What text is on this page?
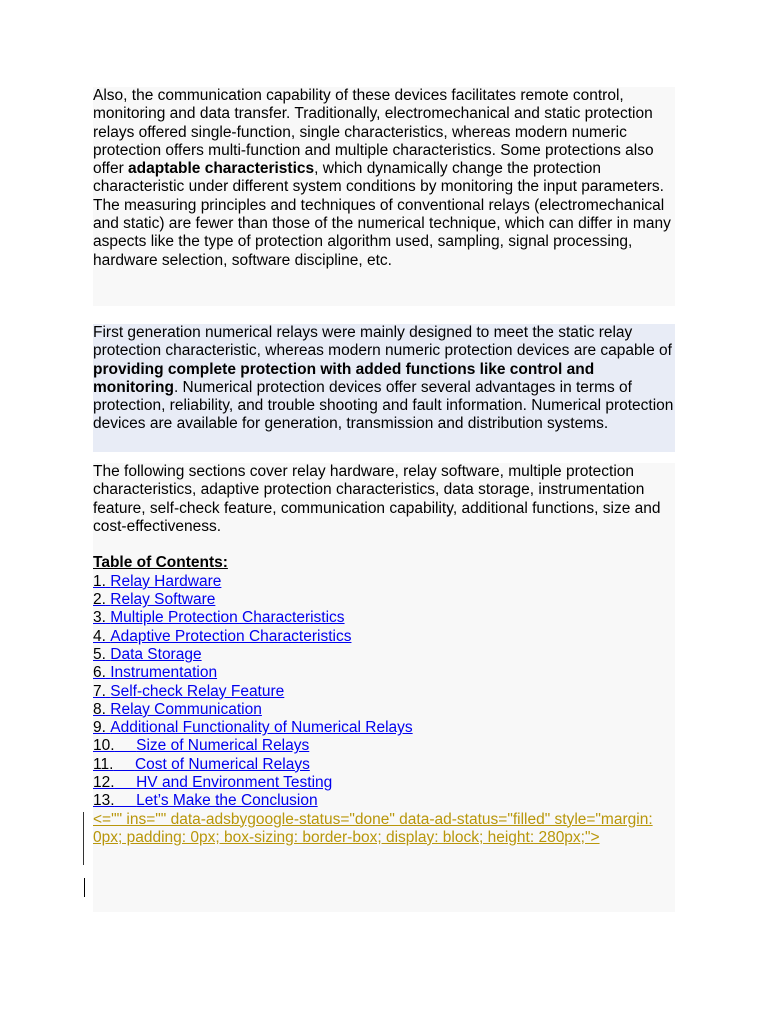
Also, the communication capability of these devices facilitates remote control, monitoring and data transfer. Traditionally, electromechanical and static protection relays offered single-function, single characteristics, whereas modern numeric protection offers multi-function and multiple characteristics. Some protections also offer adaptable characteristics, which dynamically change the protection characteristic under different system conditions by monitoring the input parameters.

The measuring principles and techniques of conventional relays (electromechanical and static) are fewer than those of the numerical technique, which can differ in many aspects like the type of protection algorithm used, sampling, signal processing, hardware selection, software discipline, etc.

First generation numerical relays were mainly designed to meet the static relay protection characteristic, whereas modern numeric protection devices are capable of providing complete protection with added functions like control and monitoring. Numerical protection devices offer several advantages in terms of protection, reliability, and trouble shooting and fault information. Numerical protection devices are available for generation, transmission and distribution systems.

The following sections cover relay hardware, relay software, multiple protection characteristics, adaptive protection characteristics, data storage, instrumentation feature, self-check feature, communication capability, additional functions, size and cost-effectiveness.

Table of Contents:

1. Relay Hardware
2. Relay Software
3. Multiple Protection Characteristics
4. Adaptive Protection Characteristics
5. Data Storage
6. Instrumentation
7. Self-check Relay Feature
8. Relay Communication
9. Additional Functionality of Numerical Relays
10. Size of Numerical Relays
11. Cost of Numerical Relays
12. HV and Environment Testing
13. Let’s Make the Conclusion

<="" ins="" data-adsbygoogle-status="done" data-ad-status="filled" style="margin: 0px; padding: 0px; box-sizing: border-box; display: block; height: 280px;">
